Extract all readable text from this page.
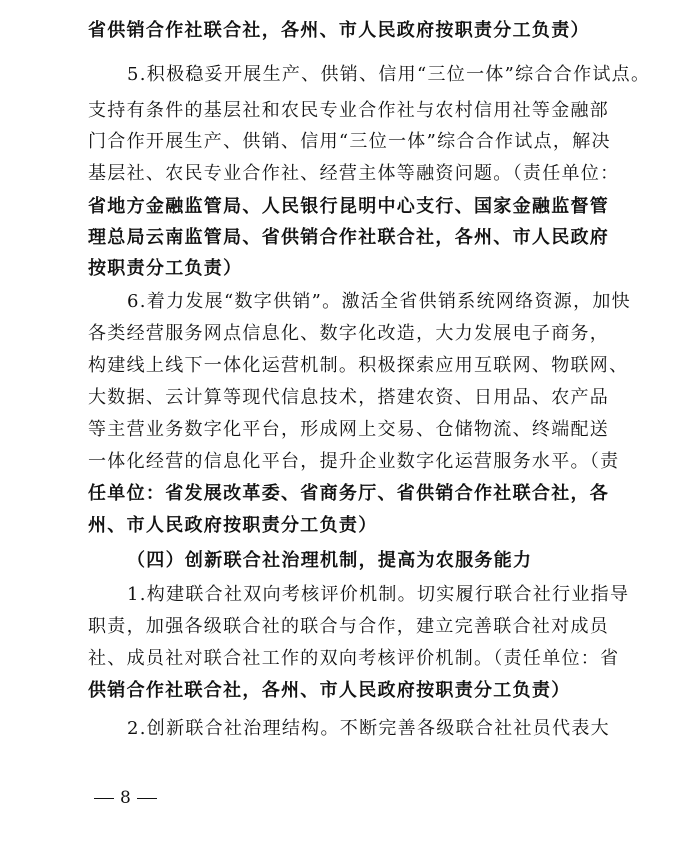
省供销合作社联合社，各州、市人民政府按职责分工负责）
5.积极稳妥开展生产、供销、信用“三位一体”综合合作试点。
支持有条件的基层社和农民专业合作社与农村信用社等金融部
门合作开展生产、供销、信用“三位一体”综合合作试点，解决
基层社、农民专业合作社、经营主体等融资问题。（责任单位：
省地方金融监管局、人民银行昆明中心支行、国家金融监督管
理总局云南监管局、省供销合作社联合社，各州、市人民政府
按职责分工负责）
6.着力发展“数字供销”。激活全省供销系统网络资源，加快
各类经营服务网点信息化、数字化改造，大力发展电子商务，
构建线上线下一体化运营机制。积极探索应用互联网、物联网、
大数据、云计算等现代信息技术，搭建农资、日用品、农产品
等主营业务数字化平台，形成网上交易、仓储物流、终端配送
一体化经营的信息化平台，提升企业数字化运营服务水平。（责
任单位：省发展改革委、省商务厅、省供销合作社联合社，各
州、市人民政府按职责分工负责）
（四）创新联合社治理机制，提高为农服务能力
1.构建联合社双向考核评价机制。切实履行联合社行业指导
职责，加强各级联合社的联合与合作，建立完善联合社对成员
社、成员社对联合社工作的双向考核评价机制。（责任单位：省
供销合作社联合社，各州、市人民政府按职责分工负责）
2.创新联合社治理结构。不断完善各级联合社社员代表大
8
